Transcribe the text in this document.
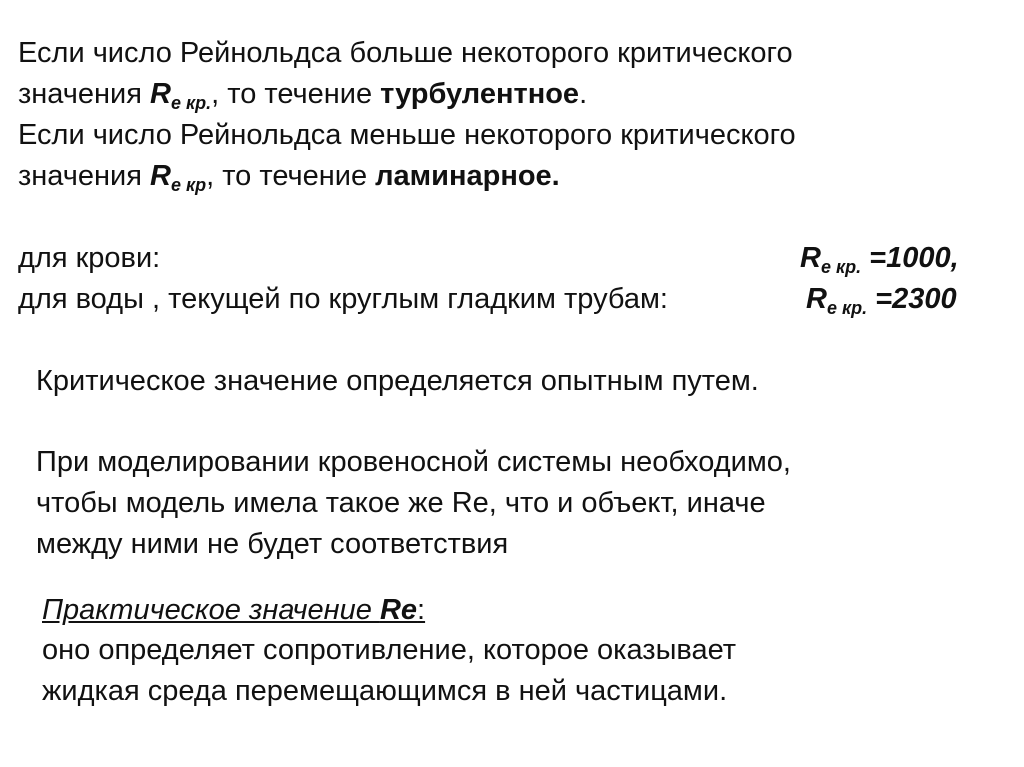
Если число Рейнольдса больше некоторого критического
значения $R_{e кр.}$, то течение турбулентное.
Если число Рейнольдса меньше некоторого критического
значения $R_{e кр}$, то течение ламинарное.
для крови:	$R_{e кр.} =1000$,
для воды , текущей по круглым гладким трубам:	$R_{e кр.} =2300$
Критическое значение определяется опытным путем.
При моделировании кровеносной системы необходимо,
чтобы модель имела такое же Re, что и объект, иначе
между ними не будет соответствия
Практическое значение Re:
оно определяет сопротивление, которое оказывает
жидкая среда перемещающимся в ней частицами.
